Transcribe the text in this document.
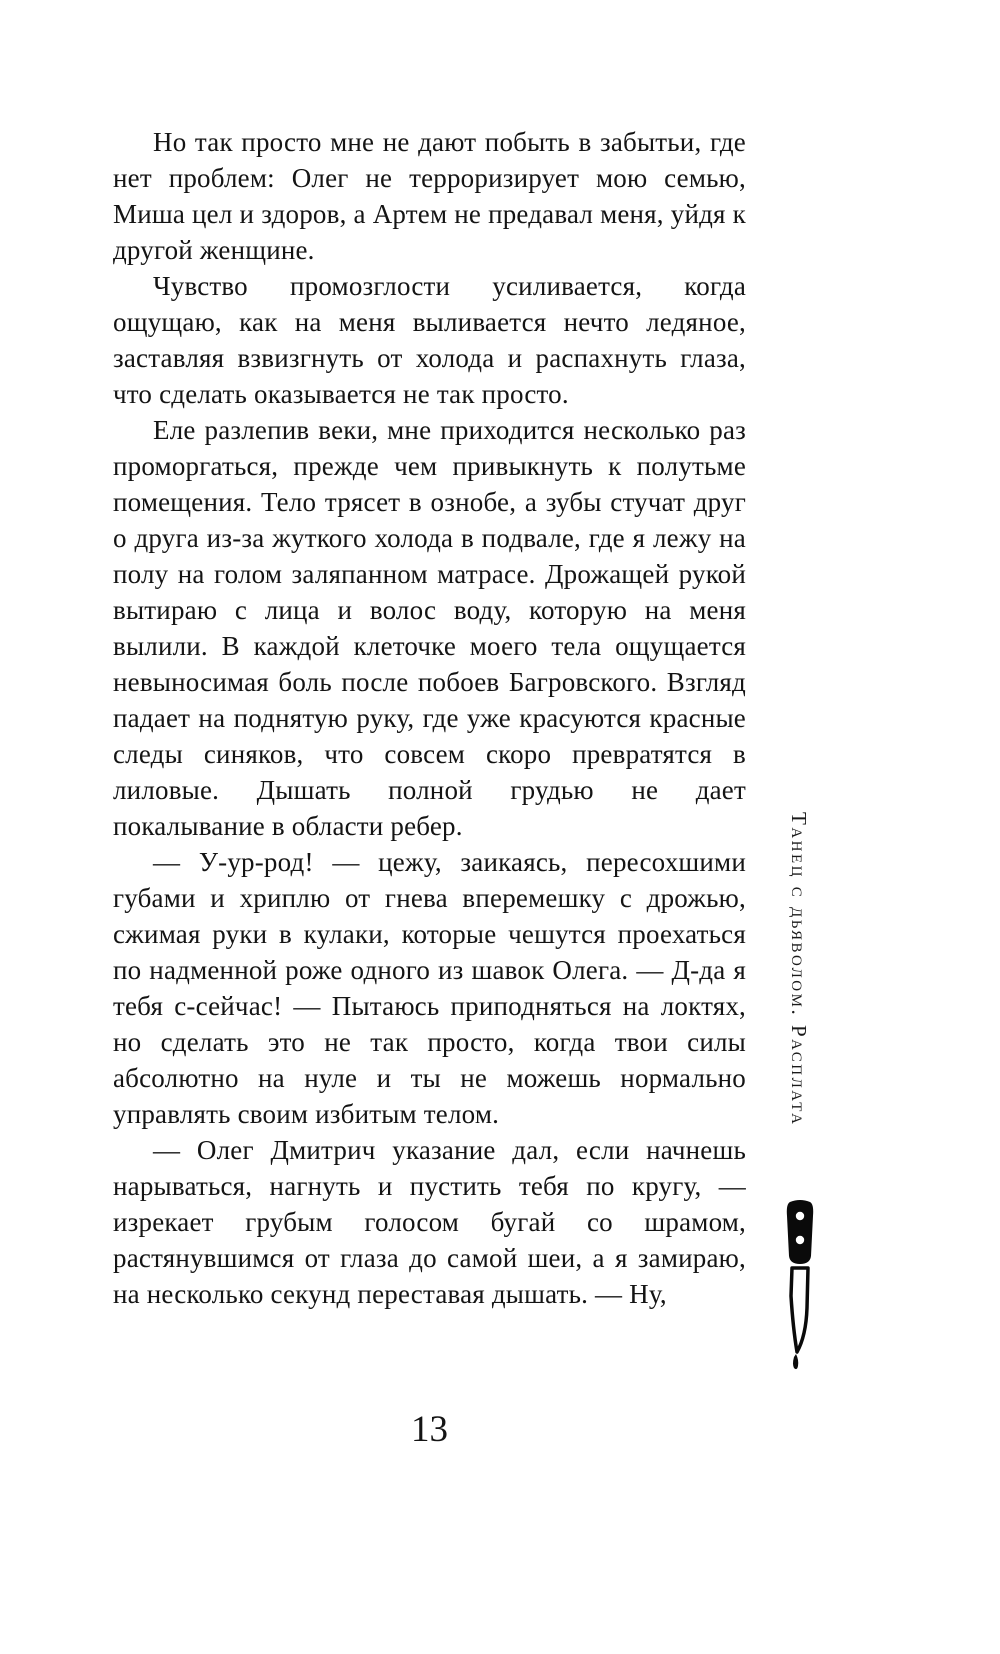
Но так просто мне не дают побыть в забытьи, где нет проблем: Олег не терроризирует мою семью, Миша цел и здоров, а Артем не предавал меня, уйдя к другой женщине.

Чувство промозглости усиливается, когда ощущаю, как на меня выливается нечто ледяное, заставляя взвизгнуть от холода и распахнуть глаза, что сделать оказывается не так просто.

Еле разлепив веки, мне приходится несколько раз проморгаться, прежде чем привыкнуть к полутьме помещения. Тело трясет в ознобе, а зубы стучат друг о друга из-за жуткого холода в подвале, где я лежу на полу на голом заляпанном матрасе. Дрожащей рукой вытираю с лица и волос воду, которую на меня вылили. В каждой клеточке моего тела ощущается невыносимая боль после побоев Багровского. Взгляд падает на поднятую руку, где уже красуются красные следы синяков, что совсем скоро превратятся в лиловые. Дышать полной грудью не дает покалывание в области ребер.

— У-ур-род! — цежу, заикаясь, пересохшими губами и хриплю от гнева вперемешку с дрожью, сжимая руки в кулаки, которые чешутся проехаться по надменной роже одного из шавок Олега. — Д-да я тебя с-сейчас! — Пытаюсь приподняться на локтях, но сделать это не так просто, когда твои силы абсолютно на нуле и ты не можешь нормально управлять своим избитым телом.

— Олег Дмитрич указание дал, если начнешь нарываться, нагнуть и пустить тебя по кругу, — изрекает грубым голосом бугай со шрамом, растянувшимся от глаза до самой шеи, а я замираю, на несколько секунд переставая дышать. — Ну,

Танец с дьяволом. Расплата
13
